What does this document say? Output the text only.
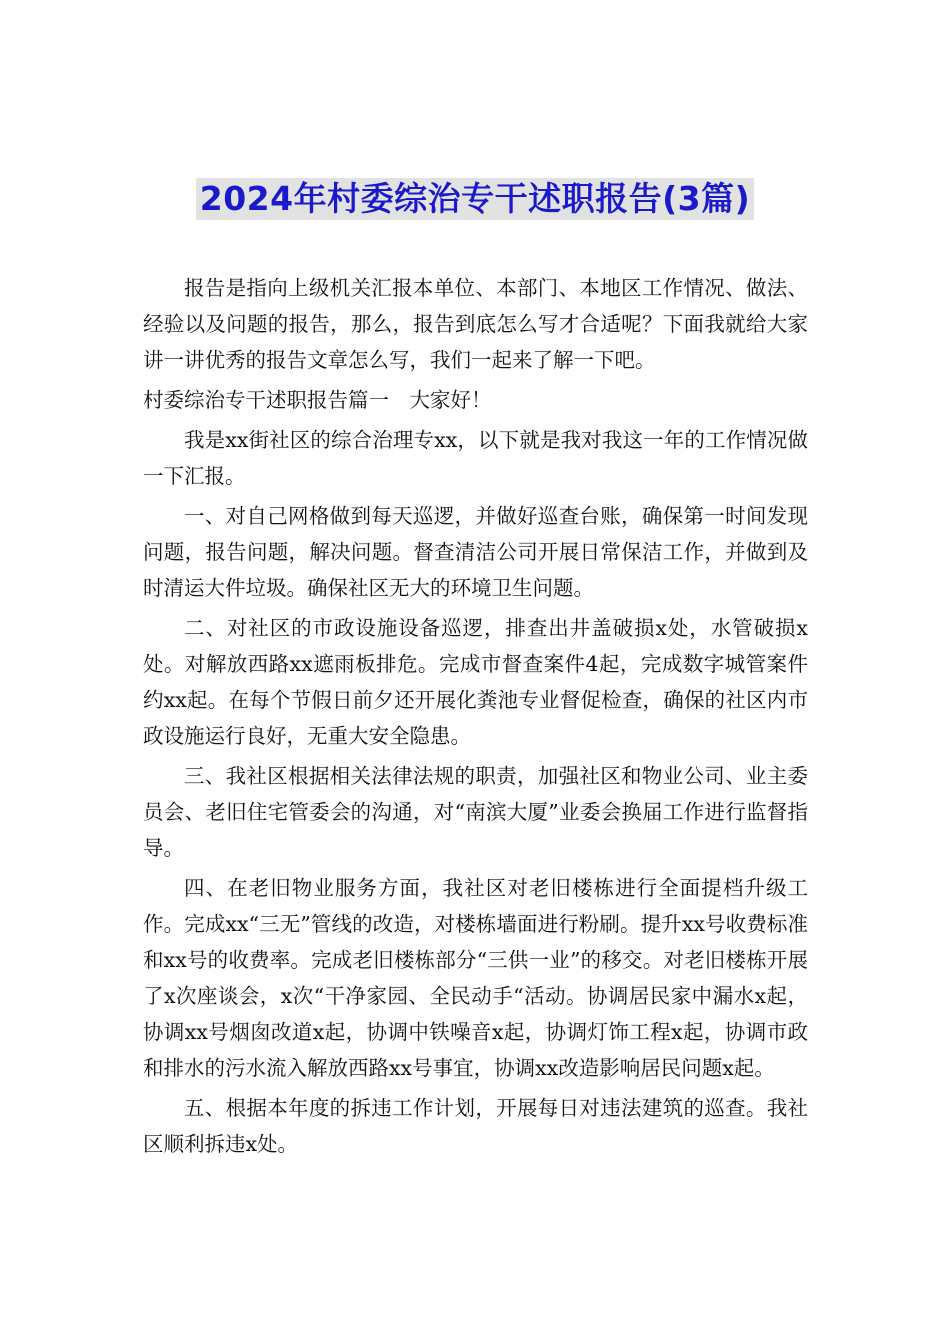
2024年村委综治专干述职报告(3篇)

报告是指向上级机关汇报本单位、本部门、本地区工作情况、做法、经验以及问题的报告，那么，报告到底怎么写才合适呢？下面我就给大家讲一讲优秀的报告文章怎么写，我们一起来了解一下吧。

村委综治专干述职报告篇一　大家好！

我是xx街社区的综合治理专xx，以下就是我对我这一年的工作情况做一下汇报。

一、对自己网格做到每天巡逻，并做好巡查台账，确保第一时间发现问题，报告问题，解决问题。督查清洁公司开展日常保洁工作，并做到及时清运大件垃圾。确保社区无大的环境卫生问题。

二、对社区的市政设施设备巡逻，排查出井盖破损x处，水管破损x处。对解放西路xx遮雨板排危。完成市督查案件4起，完成数字城管案件约xx起。在每个节假日前夕还开展化粪池专业督促检查，确保的社区内市政设施运行良好，无重大安全隐患。

三、我社区根据相关法律法规的职责，加强社区和物业公司、业主委员会、老旧住宅管委会的沟通，对“南滨大厦”业委会换届工作进行监督指导。

四、在老旧物业服务方面，我社区对老旧楼栋进行全面提档升级工作。完成xx“三无”管线的改造，对楼栋墙面进行粉刷。提升xx号收费标准和xx号的收费率。完成老旧楼栋部分“三供一业”的移交。对老旧楼栋开展了x次座谈会，x次“干净家园、全民动手“活动。协调居民家中漏水x起，协调xx号烟囱改道x起，协调中铁噪音x起，协调灯饰工程x起，协调市政和排水的污水流入解放西路xx号事宜，协调xx改造影响居民问题x起。

五、根据本年度的拆违工作计划，开展每日对违法建筑的巡查。我社区顺利拆违x处。
